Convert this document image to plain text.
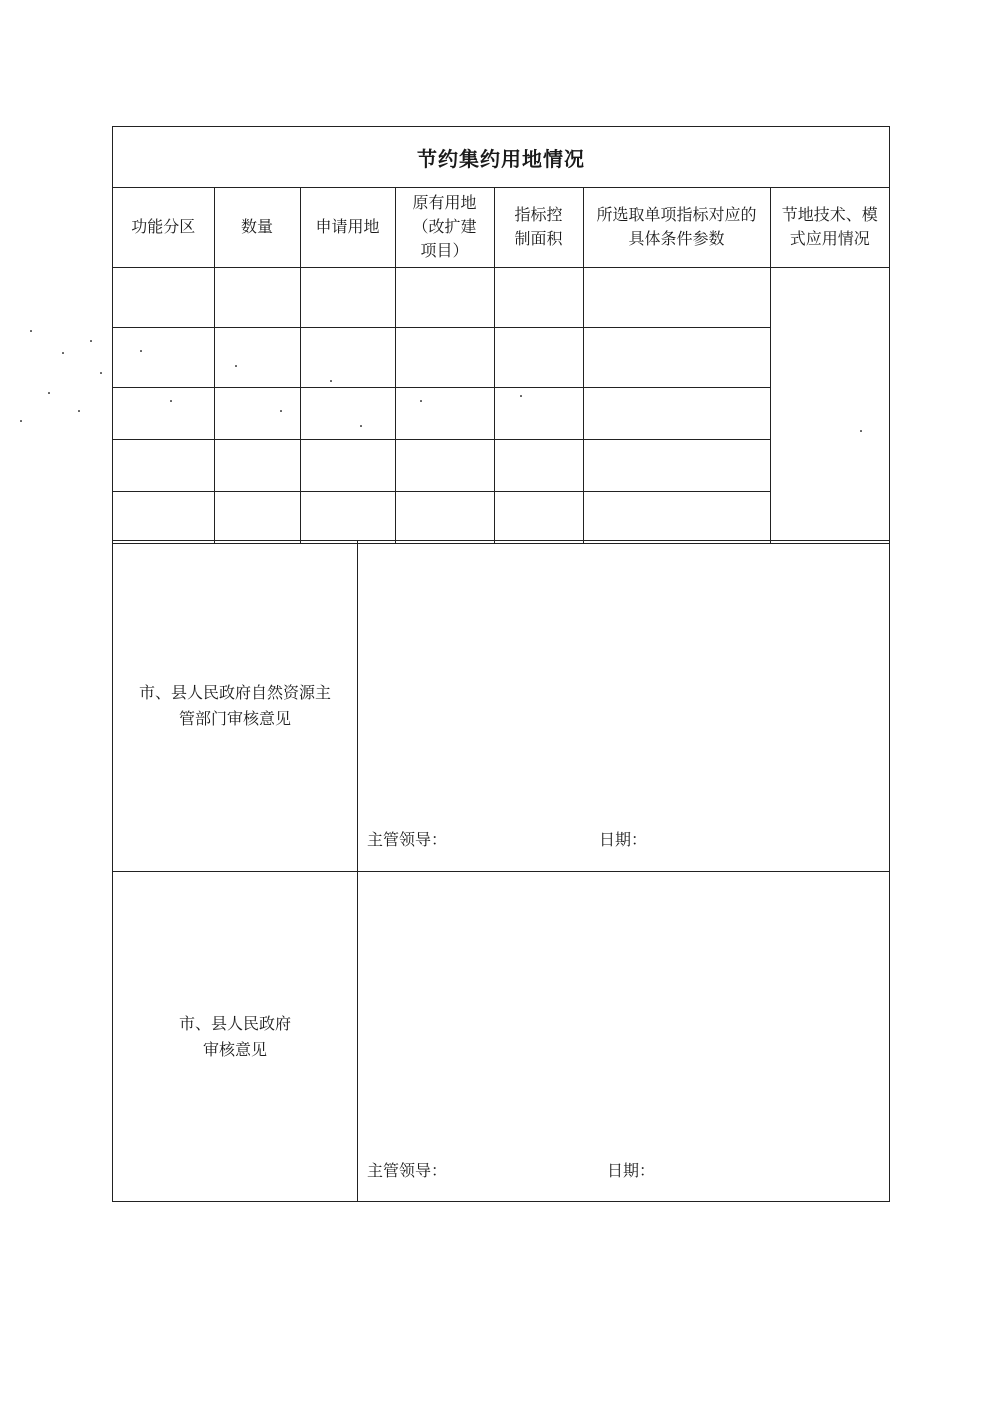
节约集约用地情况
功能分区	数量	申请用地	原有用地（改扩建项目）	指标控制面积	所选取单项指标对应的具体条件参数	节地技术、模式应用情况

市、县人民政府自然资源主
管部门审核意见
主管领导：	日期：
市、县人民政府
审核意见
主管领导：	日期：
